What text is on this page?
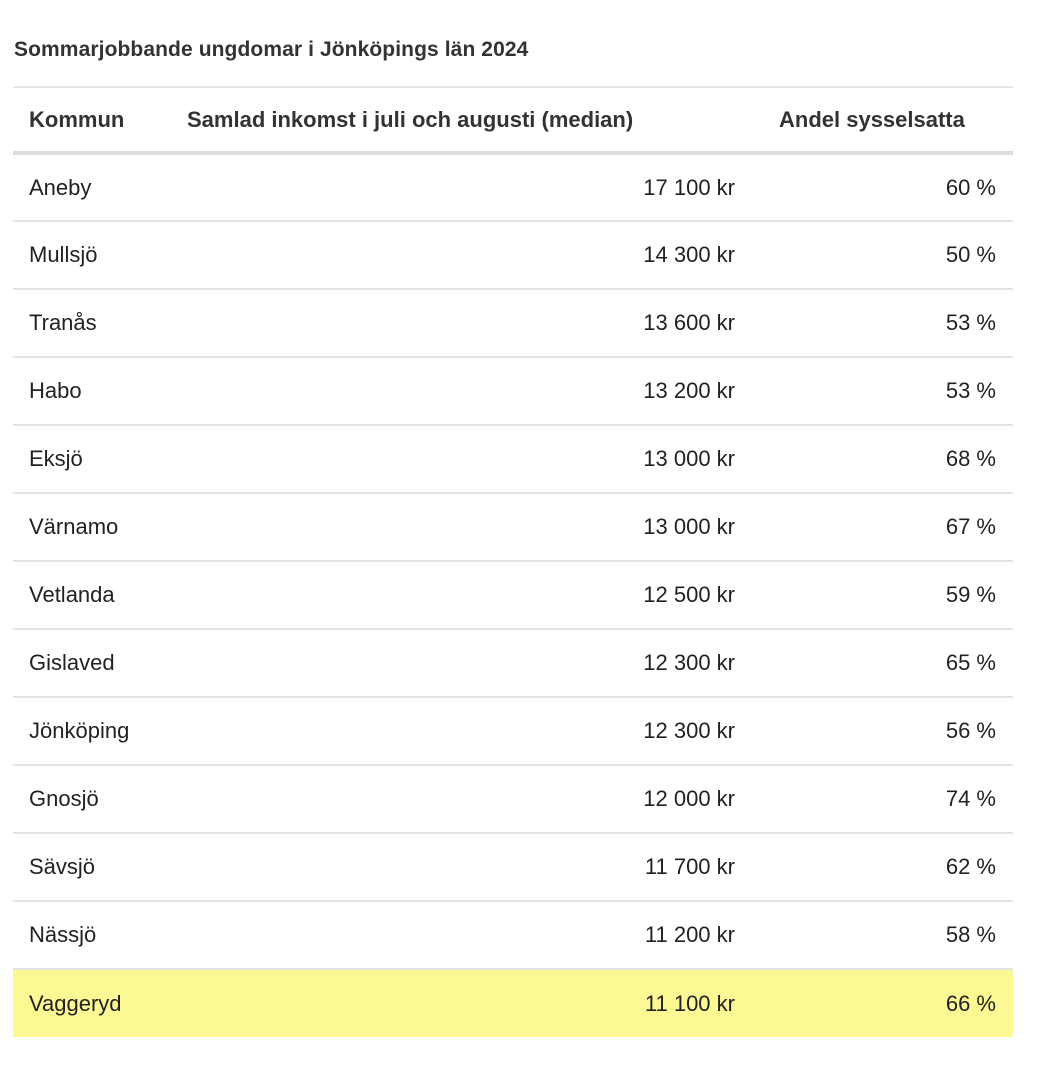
Sommarjobbande ungdomar i Jönköpings län 2024
Kommun	Samlad inkomst i juli och augusti (median)	Andel sysselsatta
Aneby	17 100 kr	60 %
Mullsjö	14 300 kr	50 %
Tranås	13 600 kr	53 %
Habo	13 200 kr	53 %
Eksjö	13 000 kr	68 %
Värnamo	13 000 kr	67 %
Vetlanda	12 500 kr	59 %
Gislaved	12 300 kr	65 %
Jönköping	12 300 kr	56 %
Gnosjö	12 000 kr	74 %
Sävsjö	11 700 kr	62 %
Nässjö	11 200 kr	58 %
Vaggeryd	11 100 kr	66 %
